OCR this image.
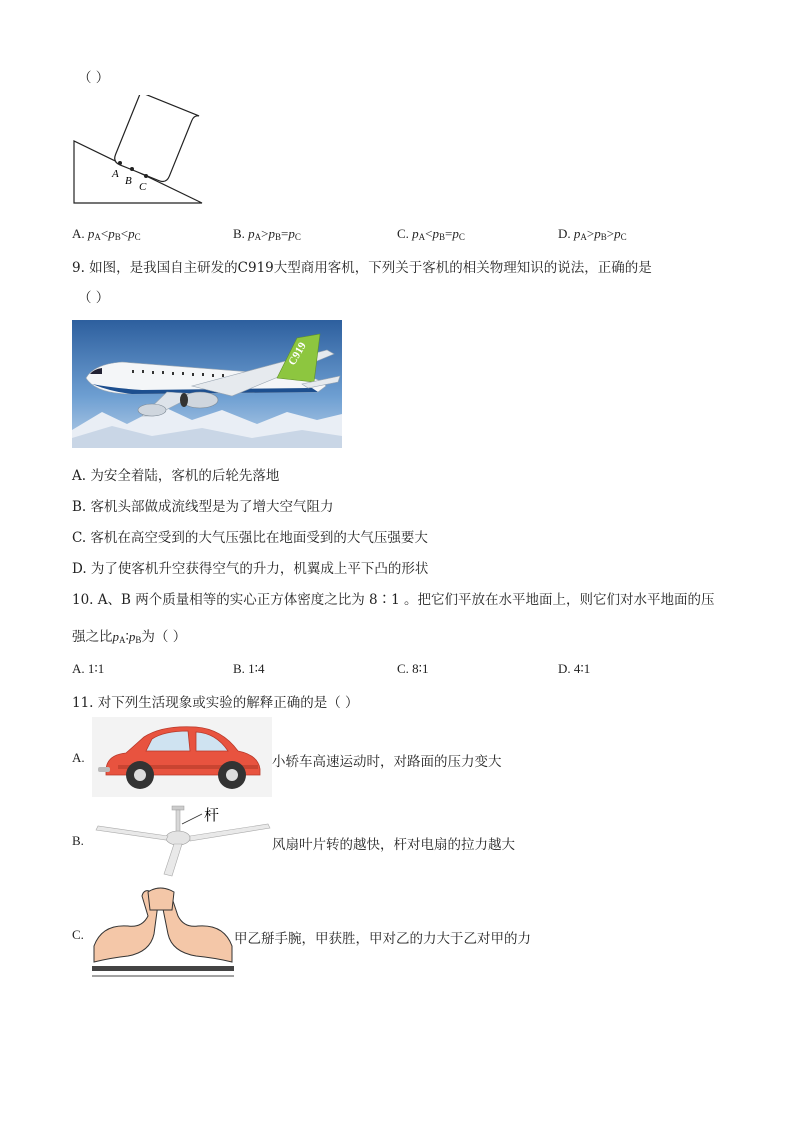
（ ）
A
B C
A. $p_A<p_B<p_C$	B. $p_A>p_B=p_C$	C. $p_A<p_B=p_C$	D. $p_A>p_B>p_C$
9. 如图，是我国自主研发的C919大型商用客机，下列关于客机的相关物理知识的说法，正确的是
（ ）
C919
A. 为安全着陆，客机的后轮先落地
B. 客机头部做成流线型是为了增大空气阻力
C. 客机在高空受到的大气压强比在地面受到的大气压强要大
D. 为了使客机升空获得空气的升力，机翼成上平下凸的形状
10. A、B 两个质量相等的实心正方体密度之比为 8∶1 。把它们平放在水平地面上，则它们对水平地面的压
强之比$p_A∶p_B$为（ ）
A. 1∶1	B. 1∶4	C. 8∶1	D. 4∶1
11. 对下列生活现象或实验的解释正确的是（ ）
A.	小轿车高速运动时，对路面的压力变大
B.
杆
风扇叶片转的越快，杆对电扇的拉力越大
C.	甲乙掰手腕，甲获胜，甲对乙的力大于乙对甲的力
